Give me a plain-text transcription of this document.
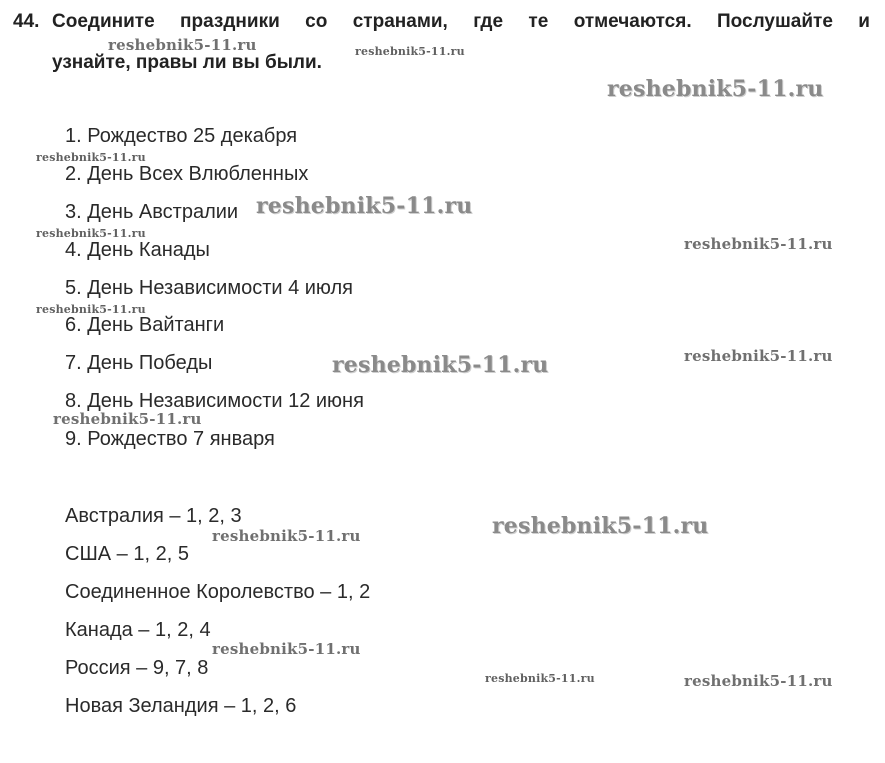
44. Соедините праздники со странами, где те отмечаются. Послушайте и
узнайте, правы ли вы были.
1. Рождество 25 декабря
2. День Всех Влюбленных
3. День Австралии
4. День Канады
5. День Независимости 4 июля
6. День Вайтанги
7. День Победы
8. День Независимости 12 июня
9. Рождество 7 января
Австралия – 1, 2, 3
США – 1, 2, 5
Соединенное Королевство – 1, 2
Канада – 1, 2, 4
Россия – 9, 7, 8
Новая Зеландия – 1, 2, 6
reshebnik5-11.ru	reshebnik5-11.ru
reshebnik5-11.ru
reshebnik5-11.ru
reshebnik5-11.ru
reshebnik5-11.ru
reshebnik5-11.ru
reshebnik5-11.ru
reshebnik5-11.ru
reshebnik5-11.ru
reshebnik5-11.ru
reshebnik5-11.ru
reshebnik5-11.ru
reshebnik5-11.ru
reshebnik5-11.ru	reshebnik5-11.ru
